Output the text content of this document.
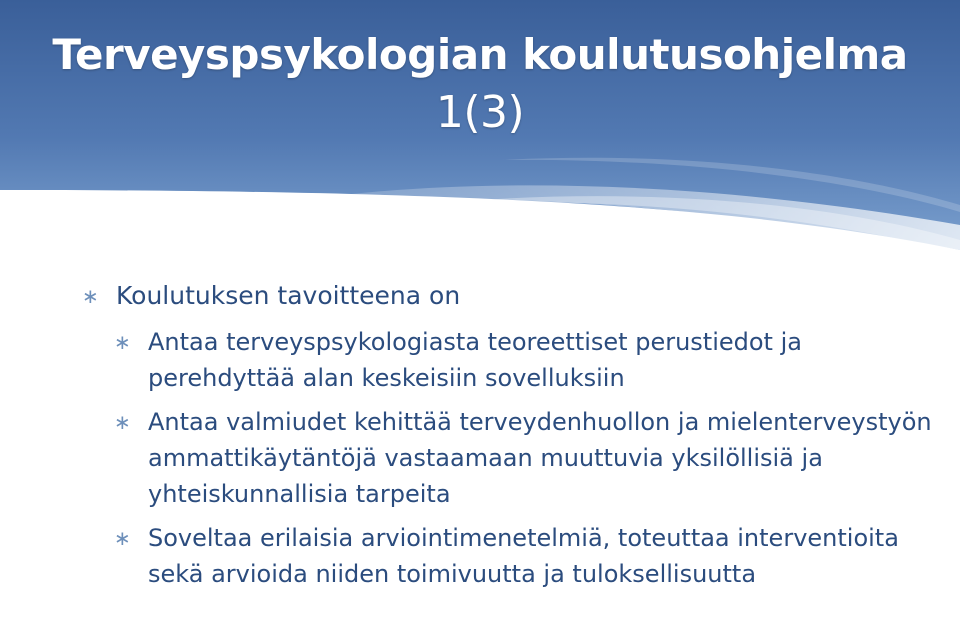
Terveyspsykologian koulutusohjelma
1(3)
∗ Koulutuksen tavoitteena on
∗ Antaa terveyspsykologiasta teoreettiset perustiedot ja perehdyttää alan keskeisiin sovelluksiin
∗ Antaa valmiudet kehittää terveydenhuollon ja mielenterveystyön ammattikäytäntöjä vastaamaan muuttuvia yksilöllisiä ja yhteiskunnallisia tarpeita
∗ Soveltaa erilaisia arviointimenetelmiä, toteuttaa interventioita sekä arvioida niiden toimivuutta ja tuloksellisuutta
